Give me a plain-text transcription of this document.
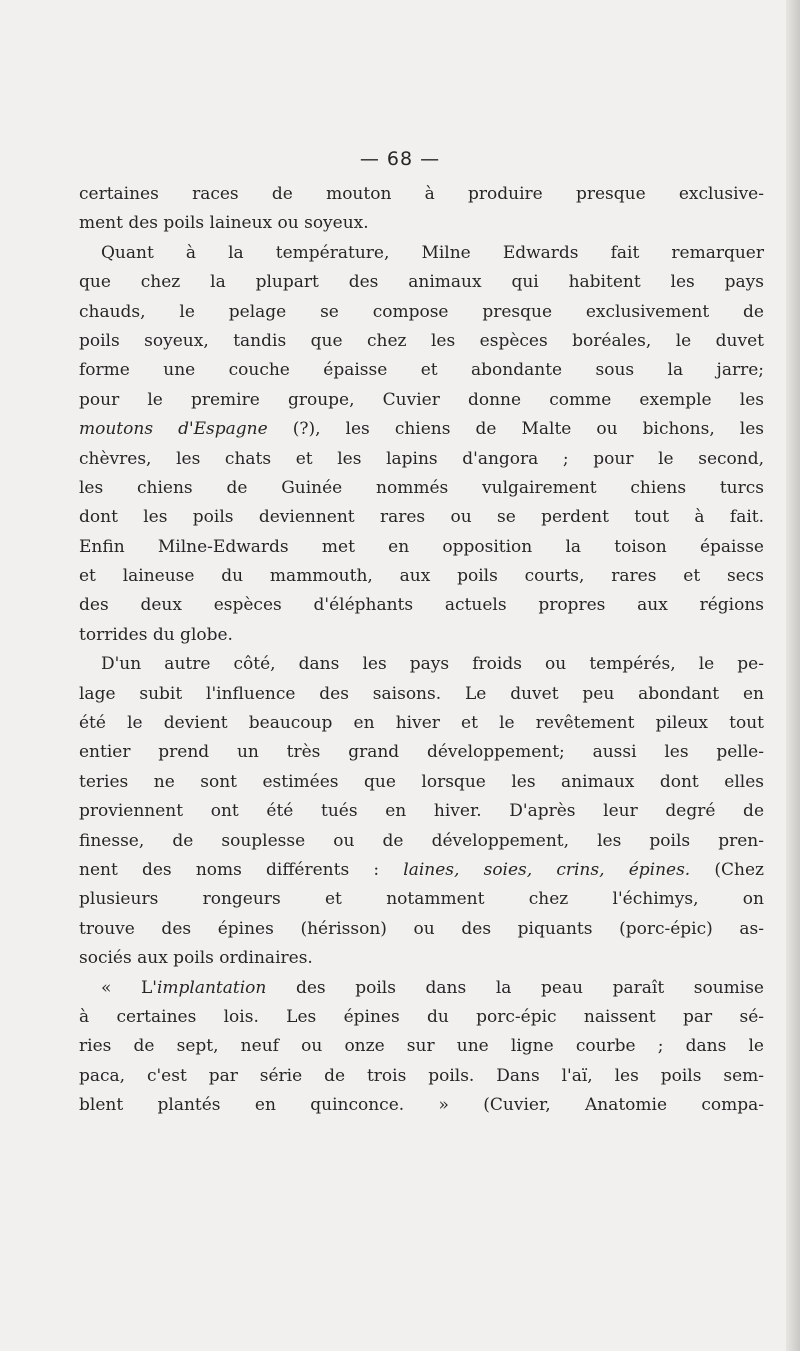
— 68 —
certaines races de mouton à produire presque exclusive-
ment des poils laineux ou soyeux.
Quant à la température, Milne Edwards fait remarquer
que chez la plupart des animaux qui habitent les pays
chauds, le pelage se compose presque exclusivement de
poils soyeux, tandis que chez les espèces boréales, le duvet
forme une couche épaisse et abondante sous la jarre;
pour le premire groupe, Cuvier donne comme exemple les
moutons d'Espagne (?), les chiens de Malte ou bichons, les
chèvres, les chats et les lapins d'angora ; pour le second,
les chiens de Guinée nommés vulgairement chiens turcs
dont les poils deviennent rares ou se perdent tout à fait.
Enfin Milne-Edwards met en opposition la toison épaisse
et laineuse du mammouth, aux poils courts, rares et secs
des deux espèces d'éléphants actuels propres aux régions
torrides du globe.
D'un autre côté, dans les pays froids ou tempérés, le pe-
lage subit l'influence des saisons. Le duvet peu abondant en
été le devient beaucoup en hiver et le revêtement pileux tout
entier prend un très grand développement; aussi les pelle-
teries ne sont estimées que lorsque les animaux dont elles
proviennent ont été tués en hiver. D'après leur degré de
finesse, de souplesse ou de développement, les poils pren-
nent des noms différents : laines, soies, crins, épines. (Chez
plusieurs rongeurs et notamment chez l'échimys, on
trouve des épines (hérisson) ou des piquants (porc-épic) as-
sociés aux poils ordinaires.
« L'implantation des poils dans la peau paraît soumise
à certaines lois. Les épines du porc-épic naissent par sé-
ries de sept, neuf ou onze sur une ligne courbe ; dans le
paca, c'est par série de trois poils. Dans l'aï, les poils sem-
blent plantés en quinconce. » (Cuvier, Anatomie compa-
